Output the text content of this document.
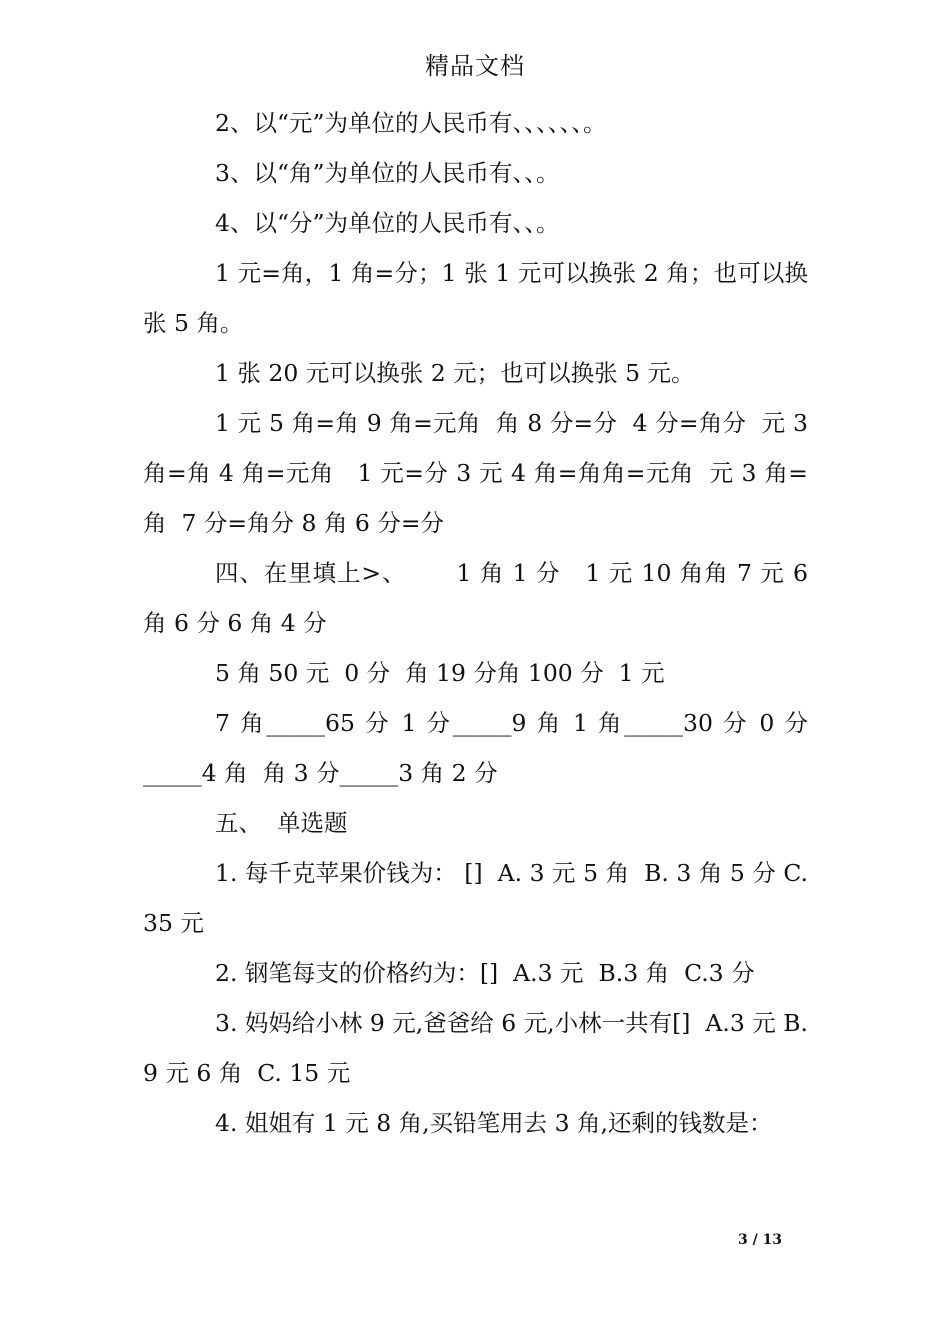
精品文档

2、以“元”为单位的人民币有、、、、、、。

3、以“角”为单位的人民币有、、。

4、以“分”为单位的人民币有、、。

1 元=角，1 角=分；1 张 1 元可以换张 2 角；也可以换张 5 角。

1 张 20 元可以换张 2 元；也可以换张 5 元。

1 元 5 角=角 9 角=元角  角 8 分=分  4 分=角分  元 3 角=角 4 角=元角   1 元=分 3 元 4 角=角角=元角  元 3 角=角  7 分=角分 8 角 6 分=分

四、在里填上>、      1 角 1 分   1 元 10 角角 7 元 6 角 6 分 6 角 4 分

5 角 50 元  0 分  角 19 分角 100 分  1 元

7 角_____65 分 1 分_____9 角 1 角_____30 分 0 分_____4 角  角 3 分_____3 角 2 分

五、  单选题

1. 每千克苹果价钱为： []  A. 3 元 5 角  B. 3 角 5 分 C. 35 元

2. 钢笔每支的价格约为：[]  A.3 元  B.3 角  C.3 分

3. 妈妈给小林 9 元,爸爸给 6 元,小林一共有[]  A.3 元 B. 9 元 6 角  C. 15 元

4. 姐姐有 1 元 8 角,买铅笔用去 3 角,还剩的钱数是：

3 / 13
